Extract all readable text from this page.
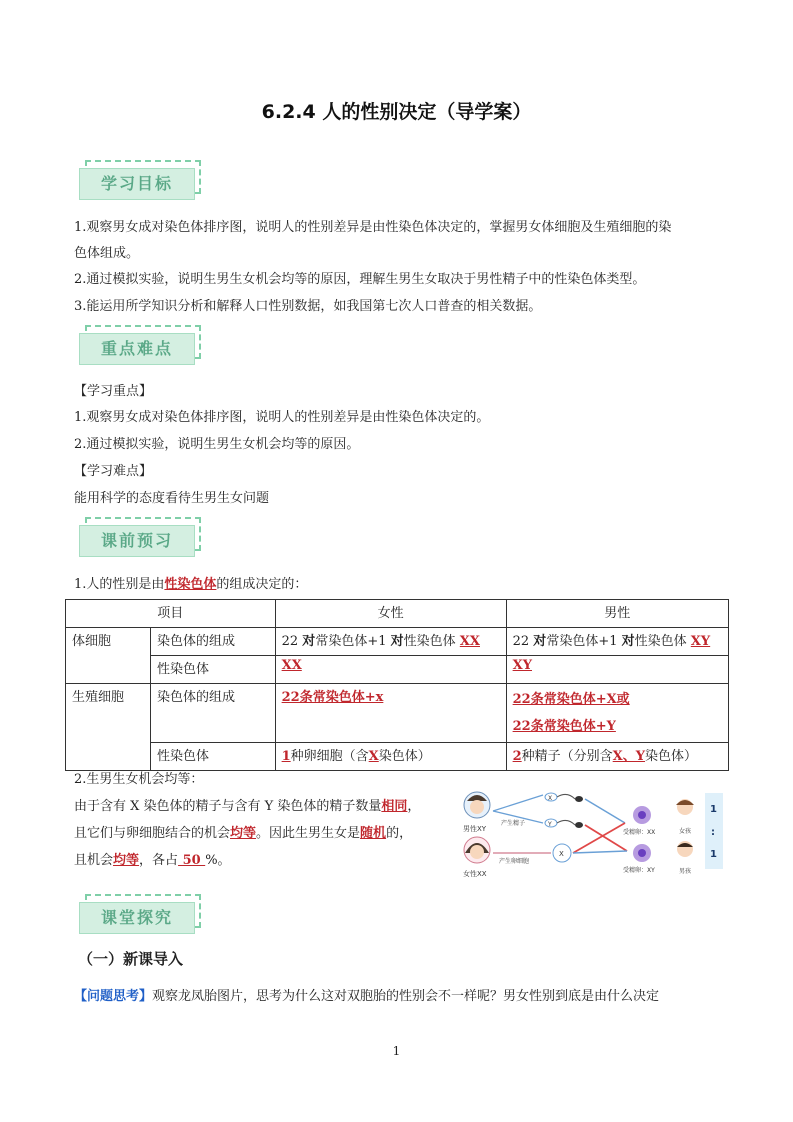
6.2.4 人的性别决定（导学案）
学习目标
1.观察男女成对染色体排序图，说明人的性别差异是由性染色体决定的，掌握男女体细胞及生殖细胞的染
色体组成。
2.通过模拟实验，说明生男生女机会均等的原因，理解生男生女取决于男性精子中的性染色体类型。
3.能运用所学知识分析和解释人口性别数据，如我国第七次人口普查的相关数据。
重点难点
【学习重点】
1.观察男女成对染色体排序图，说明人的性别差异是由性染色体决定的。
2.通过模拟实验，说明生男生女机会均等的原因。
【学习难点】
能用科学的态度看待生男生女问题
课前预习
1.人的性别是由性染色体的组成决定的：
项目		女性	男性
体细胞	染色体的组成	22 对常染色体+1 对性染色体 XX	22 对常染色体+1 对性染色体 XY
	性染色体	XX	XY
生殖细胞	染色体的组成	22条常染色体+x	22条常染色体+X或
22条常染色体+Y
	性染色体	1种卵细胞（含X染色体）	2种精子（分别含X、Y染色体）
2.生男生女机会均等：
由于含有 X 染色体的精子与含有 Y 染色体的精子数量相同，
且它们与卵细胞结合的机会均等。因此生男生女是随机的，
且机会均等，各占 50 %。
男性XY
女性XX
产生精子
X
Y
产生卵细胞
X
受精卵：XX
受精卵：XY
女孩
男孩
1
:
1
课堂探究
（一）新课导入
【问题思考】观察龙凤胎图片，思考为什么这对双胞胎的性别会不一样呢？男女性别到底是由什么决定
1
